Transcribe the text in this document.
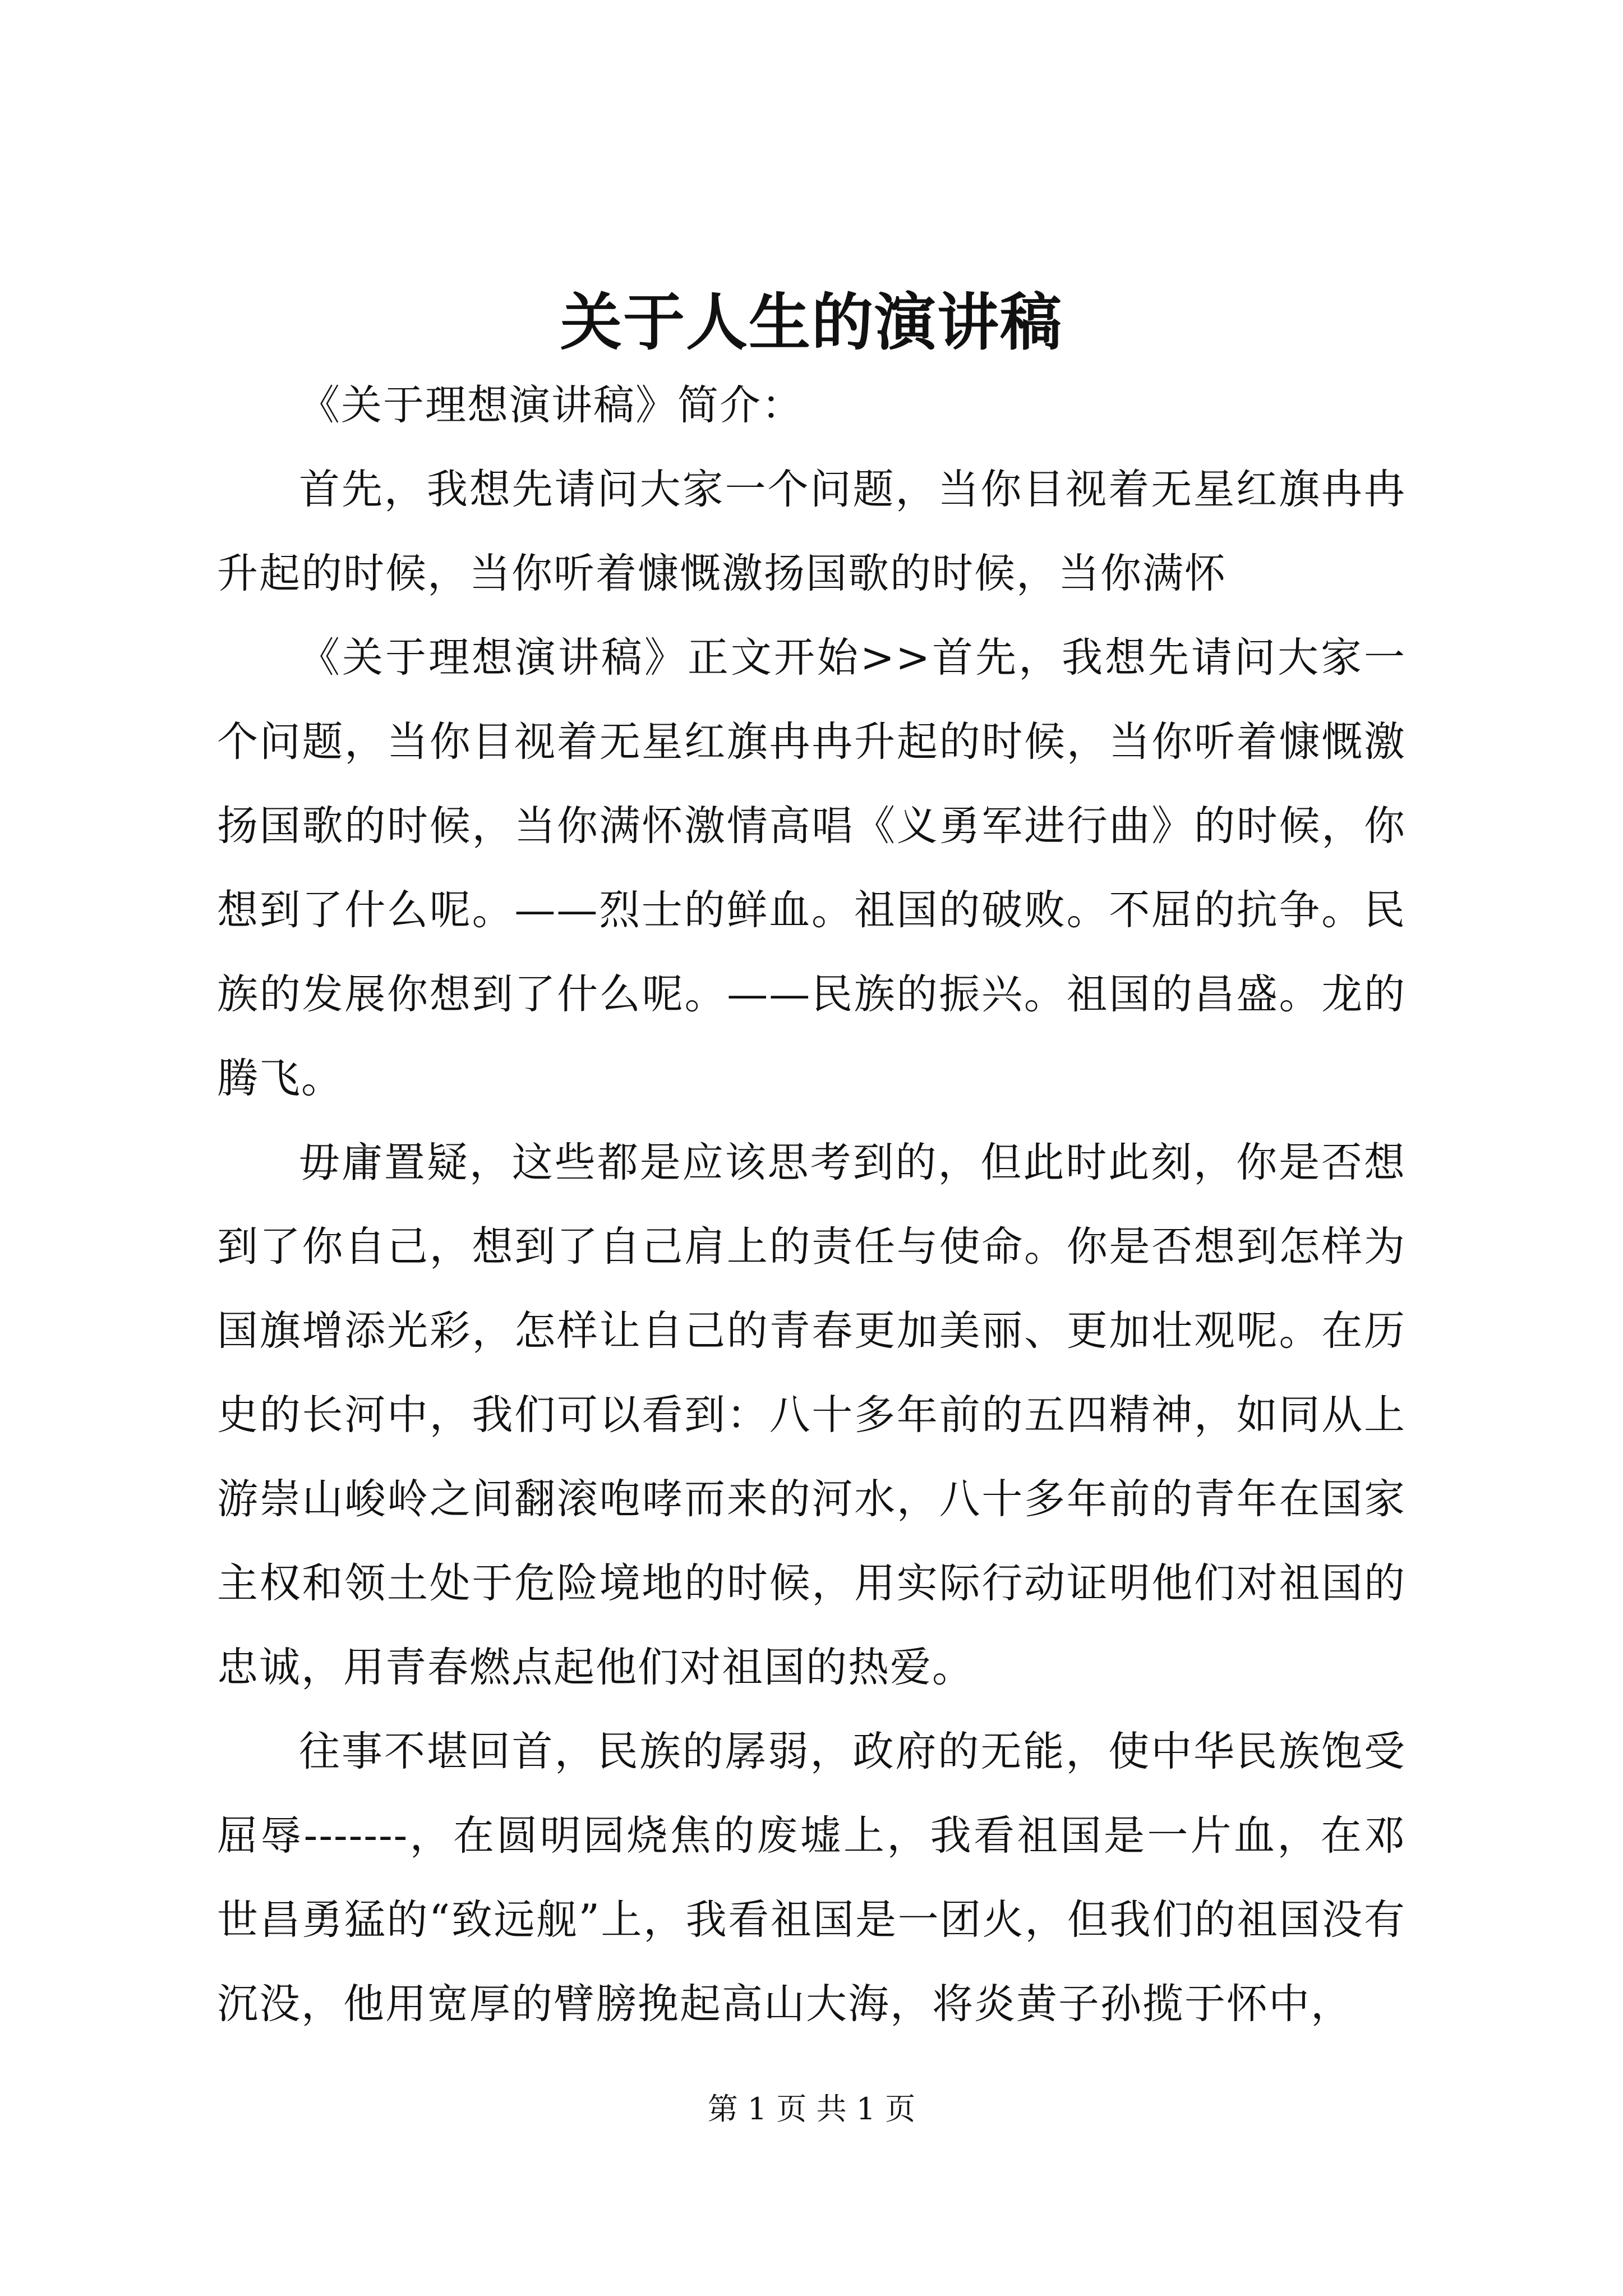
关于人生的演讲稿

《关于理想演讲稿》简介：

首先，我想先请问大家一个问题，当你目视着无星红旗冉冉升起的时候，当你听着慷慨激扬国歌的时候，当你满怀

《关于理想演讲稿》正文开始>>首先，我想先请问大家一个问题，当你目视着无星红旗冉冉升起的时候，当你听着慷慨激扬国歌的时候，当你满怀激情高唱《义勇军进行曲》的时候，你想到了什么呢。——烈士的鲜血。祖国的破败。不屈的抗争。民族的发展你想到了什么呢。——民族的振兴。祖国的昌盛。龙的腾飞。

毋庸置疑，这些都是应该思考到的，但此时此刻，你是否想到了你自己，想到了自己肩上的责任与使命。你是否想到怎样为国旗增添光彩，怎样让自己的青春更加美丽、更加壮观呢。在历史的长河中，我们可以看到：八十多年前的五四精神，如同从上游崇山峻岭之间翻滚咆哮而来的河水，八十多年前的青年在国家主权和领土处于危险境地的时候，用实际行动证明他们对祖国的忠诚，用青春燃点起他们对祖国的热爱。

往事不堪回首，民族的孱弱，政府的无能，使中华民族饱受屈辱-------，在圆明园烧焦的废墟上，我看祖国是一片血，在邓世昌勇猛的“致远舰”上，我看祖国是一团火，但我们的祖国没有沉没，他用宽厚的臂膀挽起高山大海，将炎黄子孙揽于怀中，

第 1 页 共 1 页
